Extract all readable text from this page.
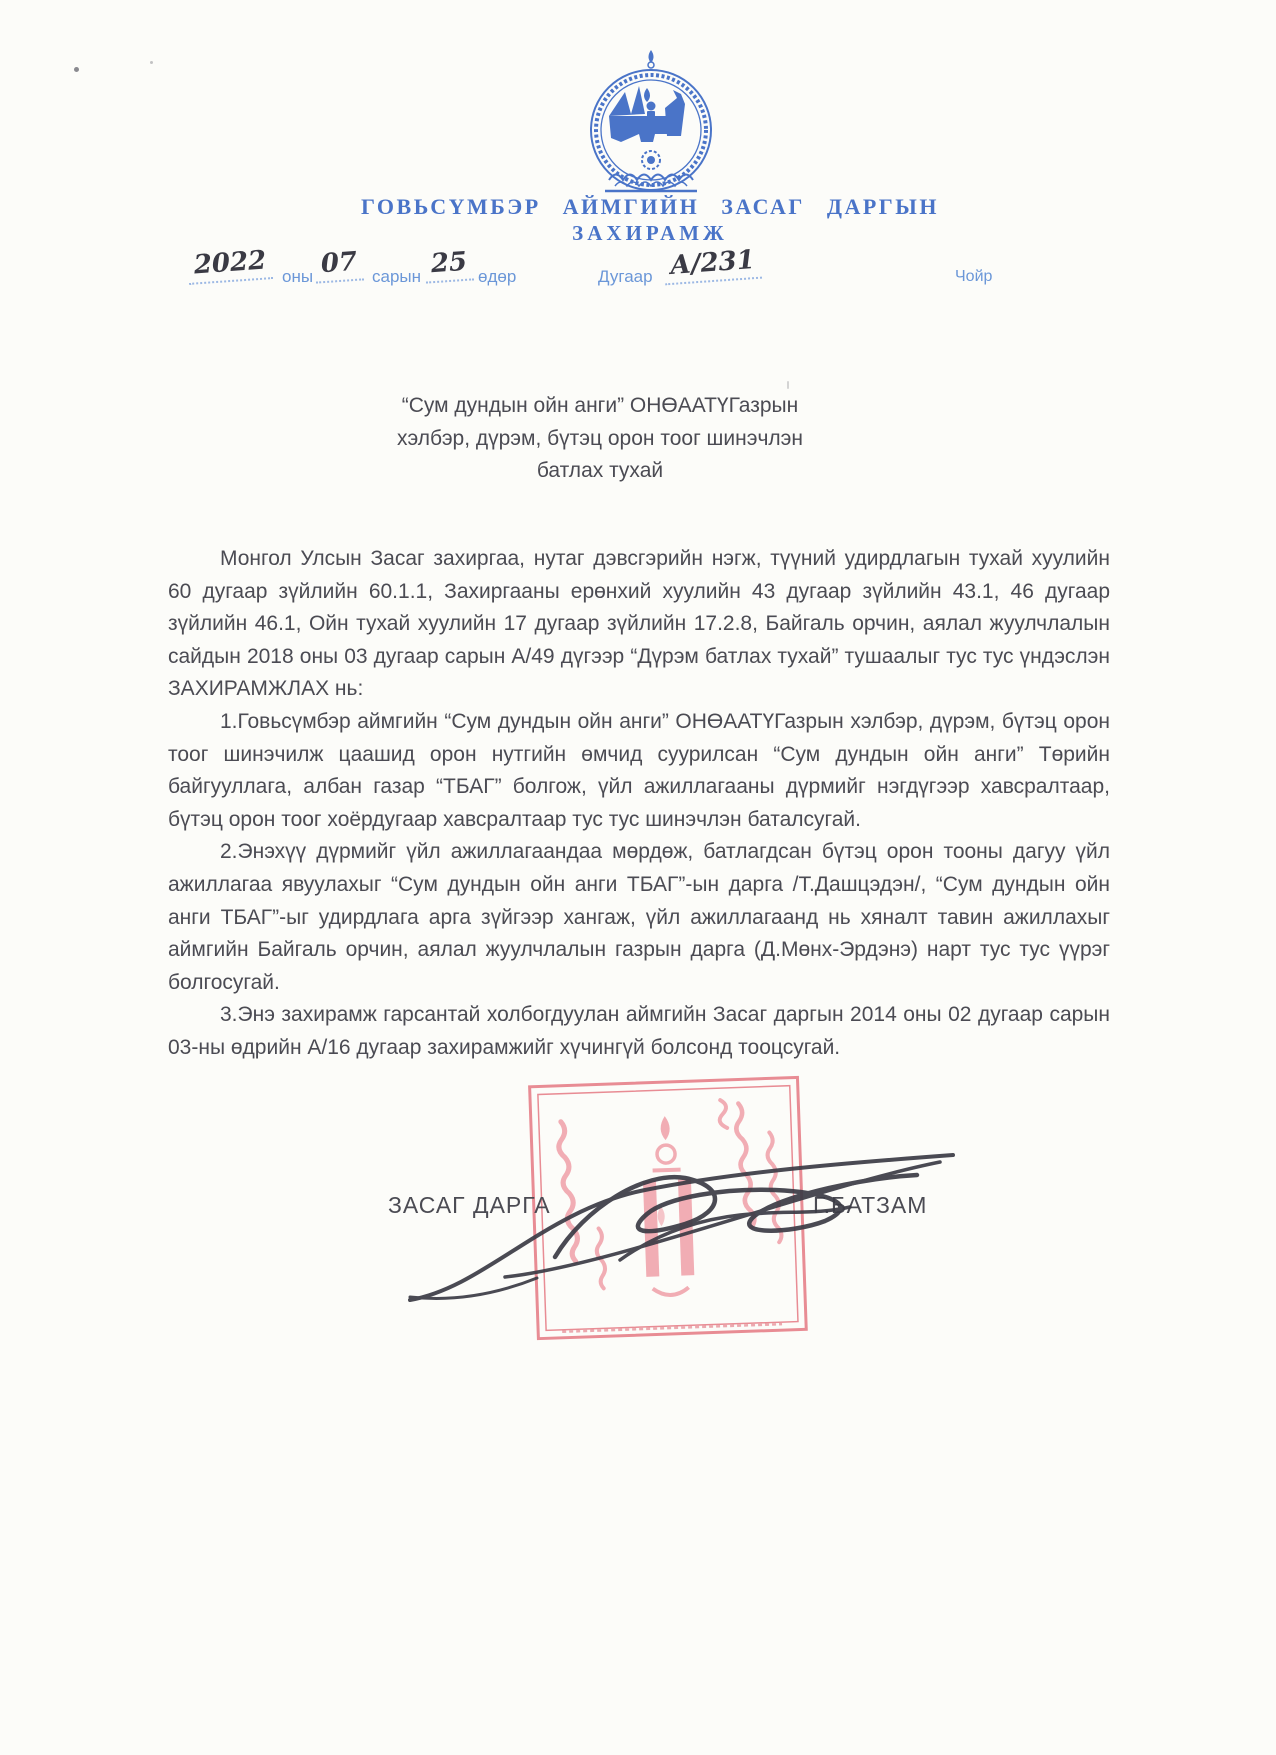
ГОВЬСҮМБЭР АЙМГИЙН ЗАСАГ ДАРГЫН
ЗАХИРАМЖ
2022 оны 07 сарын 25 өдөр	Дугаар А/231	Чойр
“Сум дундын ойн анги” ОНӨААТҮГазрын
хэлбэр, дүрэм, бүтэц орон тоог шинэчлэн
батлах тухай

Монгол Улсын Засаг захиргаа, нутаг дэвсгэрийн нэгж, түүний удирдлагын тухай хуулийн 60 дугаар зүйлийн 60.1.1, Захиргааны ерөнхий хуулийн 43 дугаар зүйлийн 43.1, 46 дугаар зүйлийн 46.1, Ойн тухай хуулийн 17 дугаар зүйлийн 17.2.8, Байгаль орчин, аялал жуулчлалын сайдын 2018 оны 03 дугаар сарын А/49 дүгээр “Дүрэм батлах тухай” тушаалыг тус тус үндэслэн ЗАХИРАМЖЛАХ нь:

1.Говьсүмбэр аймгийн “Сум дундын ойн анги” ОНӨААТҮГазрын хэлбэр, дүрэм, бүтэц орон тоог шинэчилж цаашид орон нутгийн өмчид суурилсан “Сум дундын ойн анги” Төрийн байгууллага, албан газар “ТБАГ” болгож, үйл ажиллагааны дүрмийг нэгдүгээр хавсралтаар, бүтэц орон тоог хоёрдугаар хавсралтаар тус тус шинэчлэн баталсугай.

2.Энэхүү дүрмийг үйл ажиллагаандаа мөрдөж, батлагдсан бүтэц орон тооны дагуу үйл ажиллагаа явуулахыг “Сум дундын ойн анги ТБАГ”-ын дарга /Т.Дашцэдэн/, “Сум дундын ойн анги ТБАГ”-ыг удирдлага арга зүйгээр хангаж, үйл ажиллагаанд нь хяналт тавин ажиллахыг аймгийн Байгаль орчин, аялал жуулчлалын газрын дарга (Д.Мөнх-Эрдэнэ) нарт тус тус үүрэг болгосугай.

3.Энэ захирамж гарсантай холбогдуулан аймгийн Засаг даргын 2014 оны 02 дугаар сарын 03-ны өдрийн А/16 дугаар захирамжийг хүчингүй болсонд тооцсугай.

ЗАСАГ ДАРГА	Г.БАТЗАМ
